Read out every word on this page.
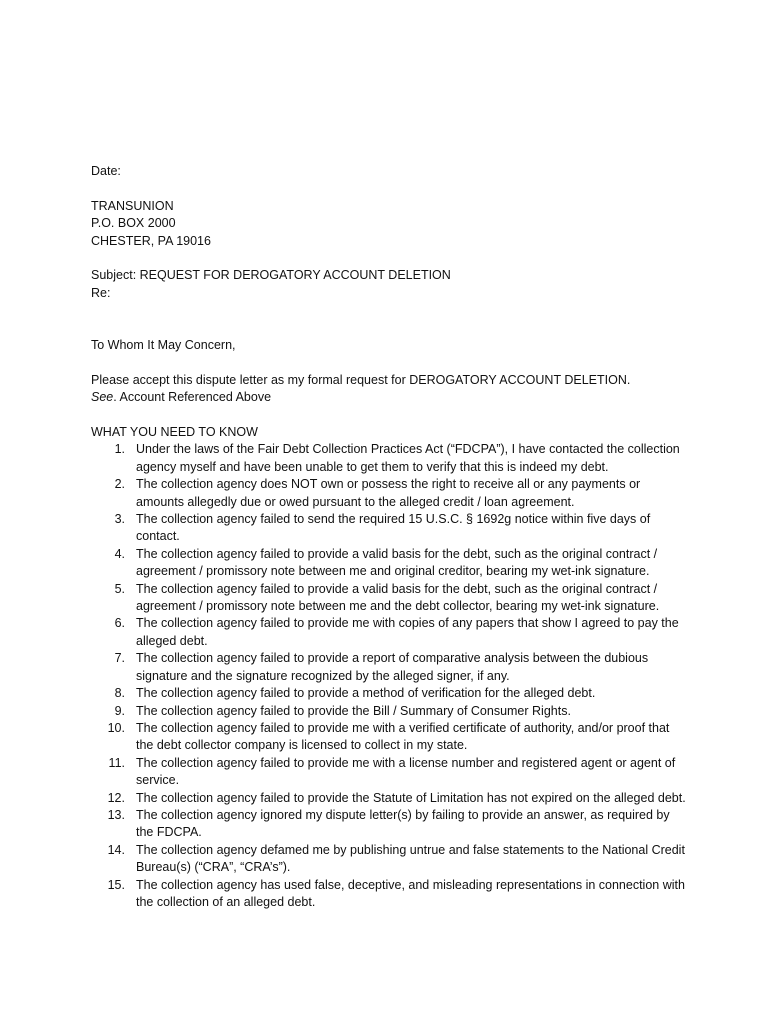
Date:
TRANSUNION
P.O. BOX 2000
CHESTER, PA 19016
Subject: REQUEST FOR DEROGATORY ACCOUNT DELETION
Re:
To Whom It May Concern,
Please accept this dispute letter as my formal request for DEROGATORY ACCOUNT DELETION. See. Account Referenced Above
WHAT YOU NEED TO KNOW
1. Under the laws of the Fair Debt Collection Practices Act (“FDCPA”), I have contacted the collection agency myself and have been unable to get them to verify that this is indeed my debt.
2. The collection agency does NOT own or possess the right to receive all or any payments or amounts allegedly due or owed pursuant to the alleged credit / loan agreement.
3. The collection agency failed to send the required 15 U.S.C. § 1692g notice within five days of contact.
4. The collection agency failed to provide a valid basis for the debt, such as the original contract / agreement / promissory note between me and original creditor, bearing my wet-ink signature.
5. The collection agency failed to provide a valid basis for the debt, such as the original contract / agreement / promissory note between me and the debt collector, bearing my wet-ink signature.
6. The collection agency failed to provide me with copies of any papers that show I agreed to pay the alleged debt.
7. The collection agency failed to provide a report of comparative analysis between the dubious signature and the signature recognized by the alleged signer, if any.
8. The collection agency failed to provide a method of verification for the alleged debt.
9. The collection agency failed to provide the Bill / Summary of Consumer Rights.
10. The collection agency failed to provide me with a verified certificate of authority, and/or proof that the debt collector company is licensed to collect in my state.
11. The collection agency failed to provide me with a license number and registered agent or agent of service.
12. The collection agency failed to provide the Statute of Limitation has not expired on the alleged debt.
13. The collection agency ignored my dispute letter(s) by failing to provide an answer, as required by the FDCPA.
14. The collection agency defamed me by publishing untrue and false statements to the National Credit Bureau(s) (“CRA”, “CRA’s”).
15. The collection agency has used false, deceptive, and misleading representations in connection with the collection of an alleged debt.
